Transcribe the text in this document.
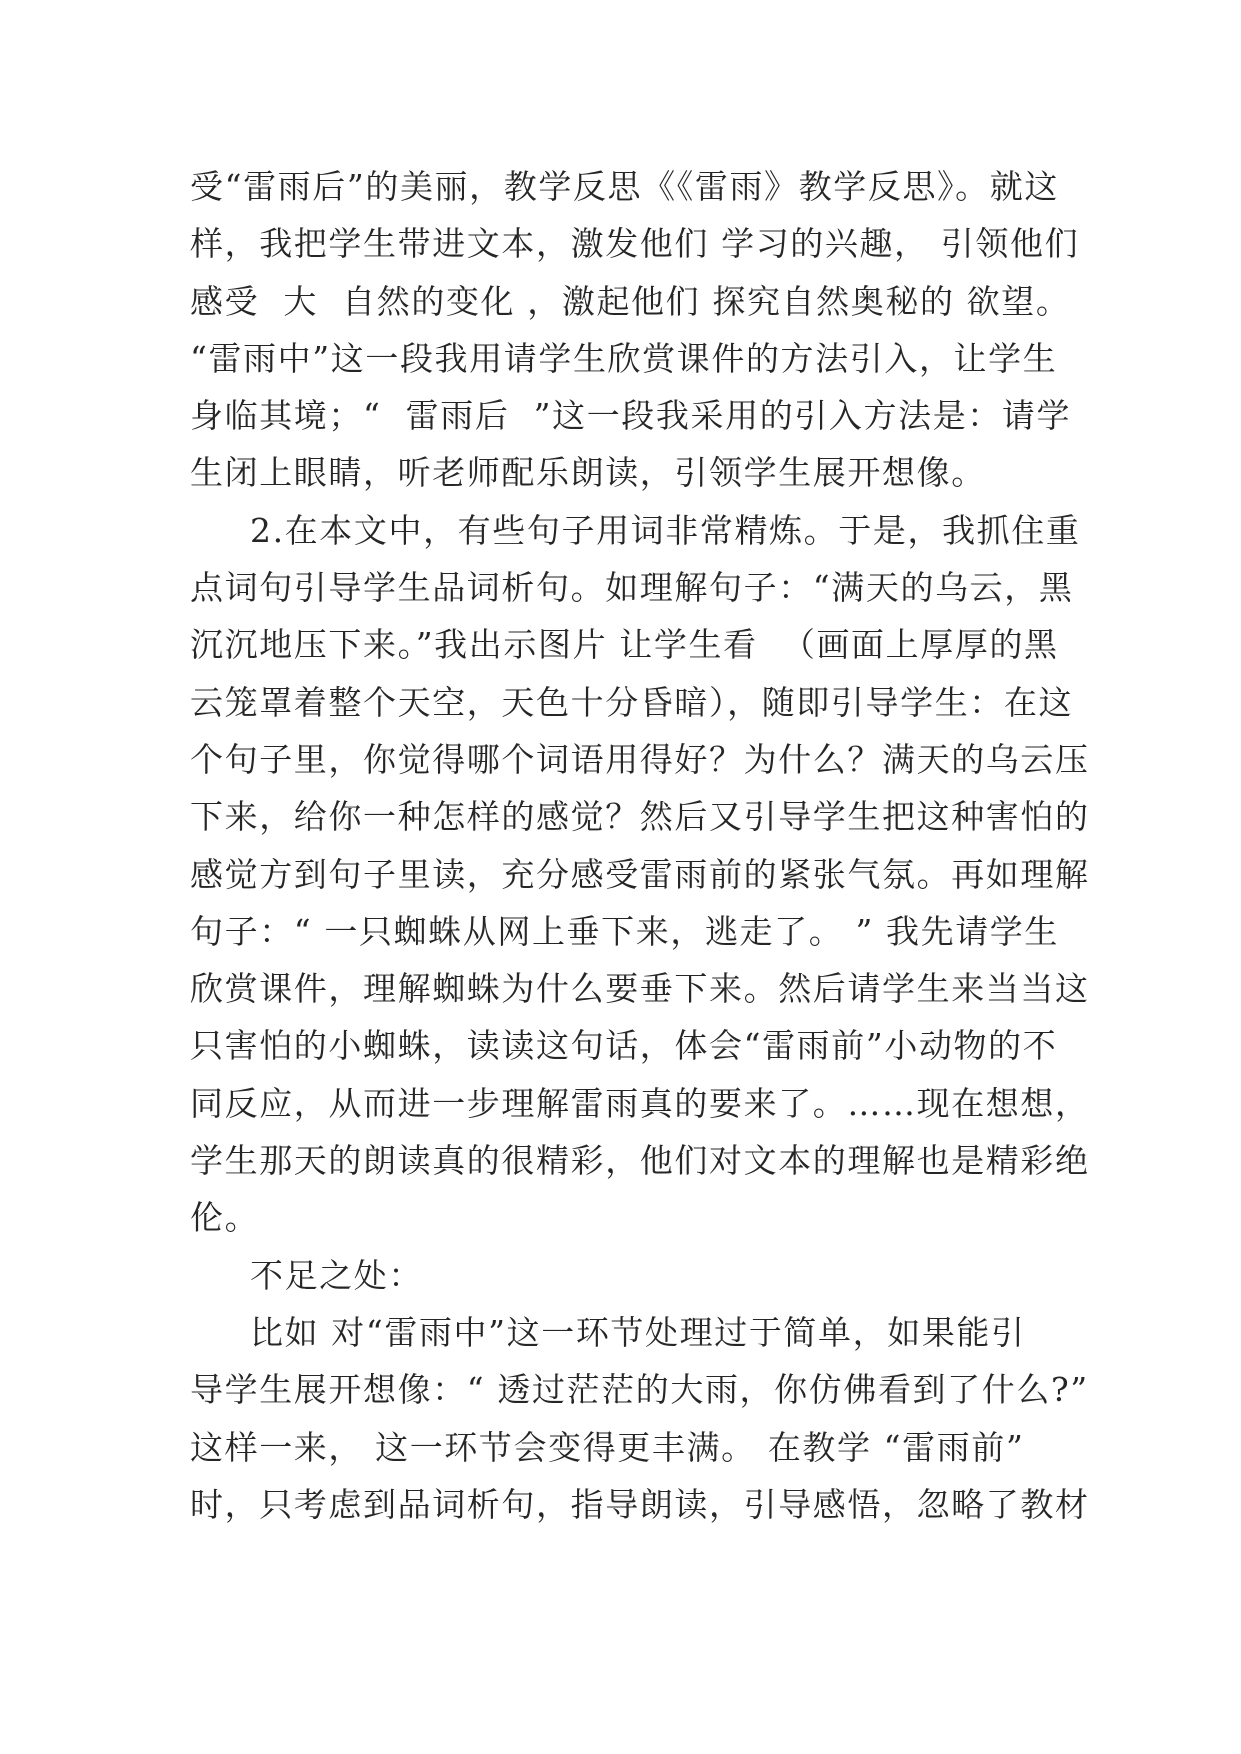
受“雷雨后”的美丽，教学反思《《雷雨》教学反思》。就这
样，我把学生带进文本，激发他们 学习的兴趣， 引领他们
感受  大  自然的变化 ，激起他们 探究自然奥秘的 欲望。
“雷雨中”这一段我用请学生欣赏课件的方法引入，让学生
身临其境；“  雷雨后  ”这一段我采用的引入方法是：请学
生闭上眼睛，听老师配乐朗读，引领学生展开想像。
2.在本文中，有些句子用词非常精炼。于是，我抓住重
点词句引导学生品词析句。如理解句子：“满天的乌云，黑
沉沉地压下来。”我出示图片 让学生看  （画面上厚厚的黑
云笼罩着整个天空，天色十分昏暗），随即引导学生：在这
个句子里，你觉得哪个词语用得好？为什么？满天的乌云压
下来，给你一种怎样的感觉？然后又引导学生把这种害怕的
感觉方到句子里读，充分感受雷雨前的紧张气氛。再如理解
句子：“ 一只蜘蛛从网上垂下来，逃走了。 ” 我先请学生
欣赏课件，理解蜘蛛为什么要垂下来。然后请学生来当当这
只害怕的小蜘蛛，读读这句话，体会“雷雨前”小动物的不
同反应，从而进一步理解雷雨真的要来了。……现在想想，
学生那天的朗读真的很精彩，他们对文本的理解也是精彩绝
伦。
不足之处：
比如 对“雷雨中”这一环节处理过于简单，如果能引
导学生展开想像：“ 透过茫茫的大雨，你仿佛看到了什么?”
这样一来， 这一环节会变得更丰满。 在教学 “雷雨前”
时，只考虑到品词析句，指导朗读，引导感悟，忽略了教材
